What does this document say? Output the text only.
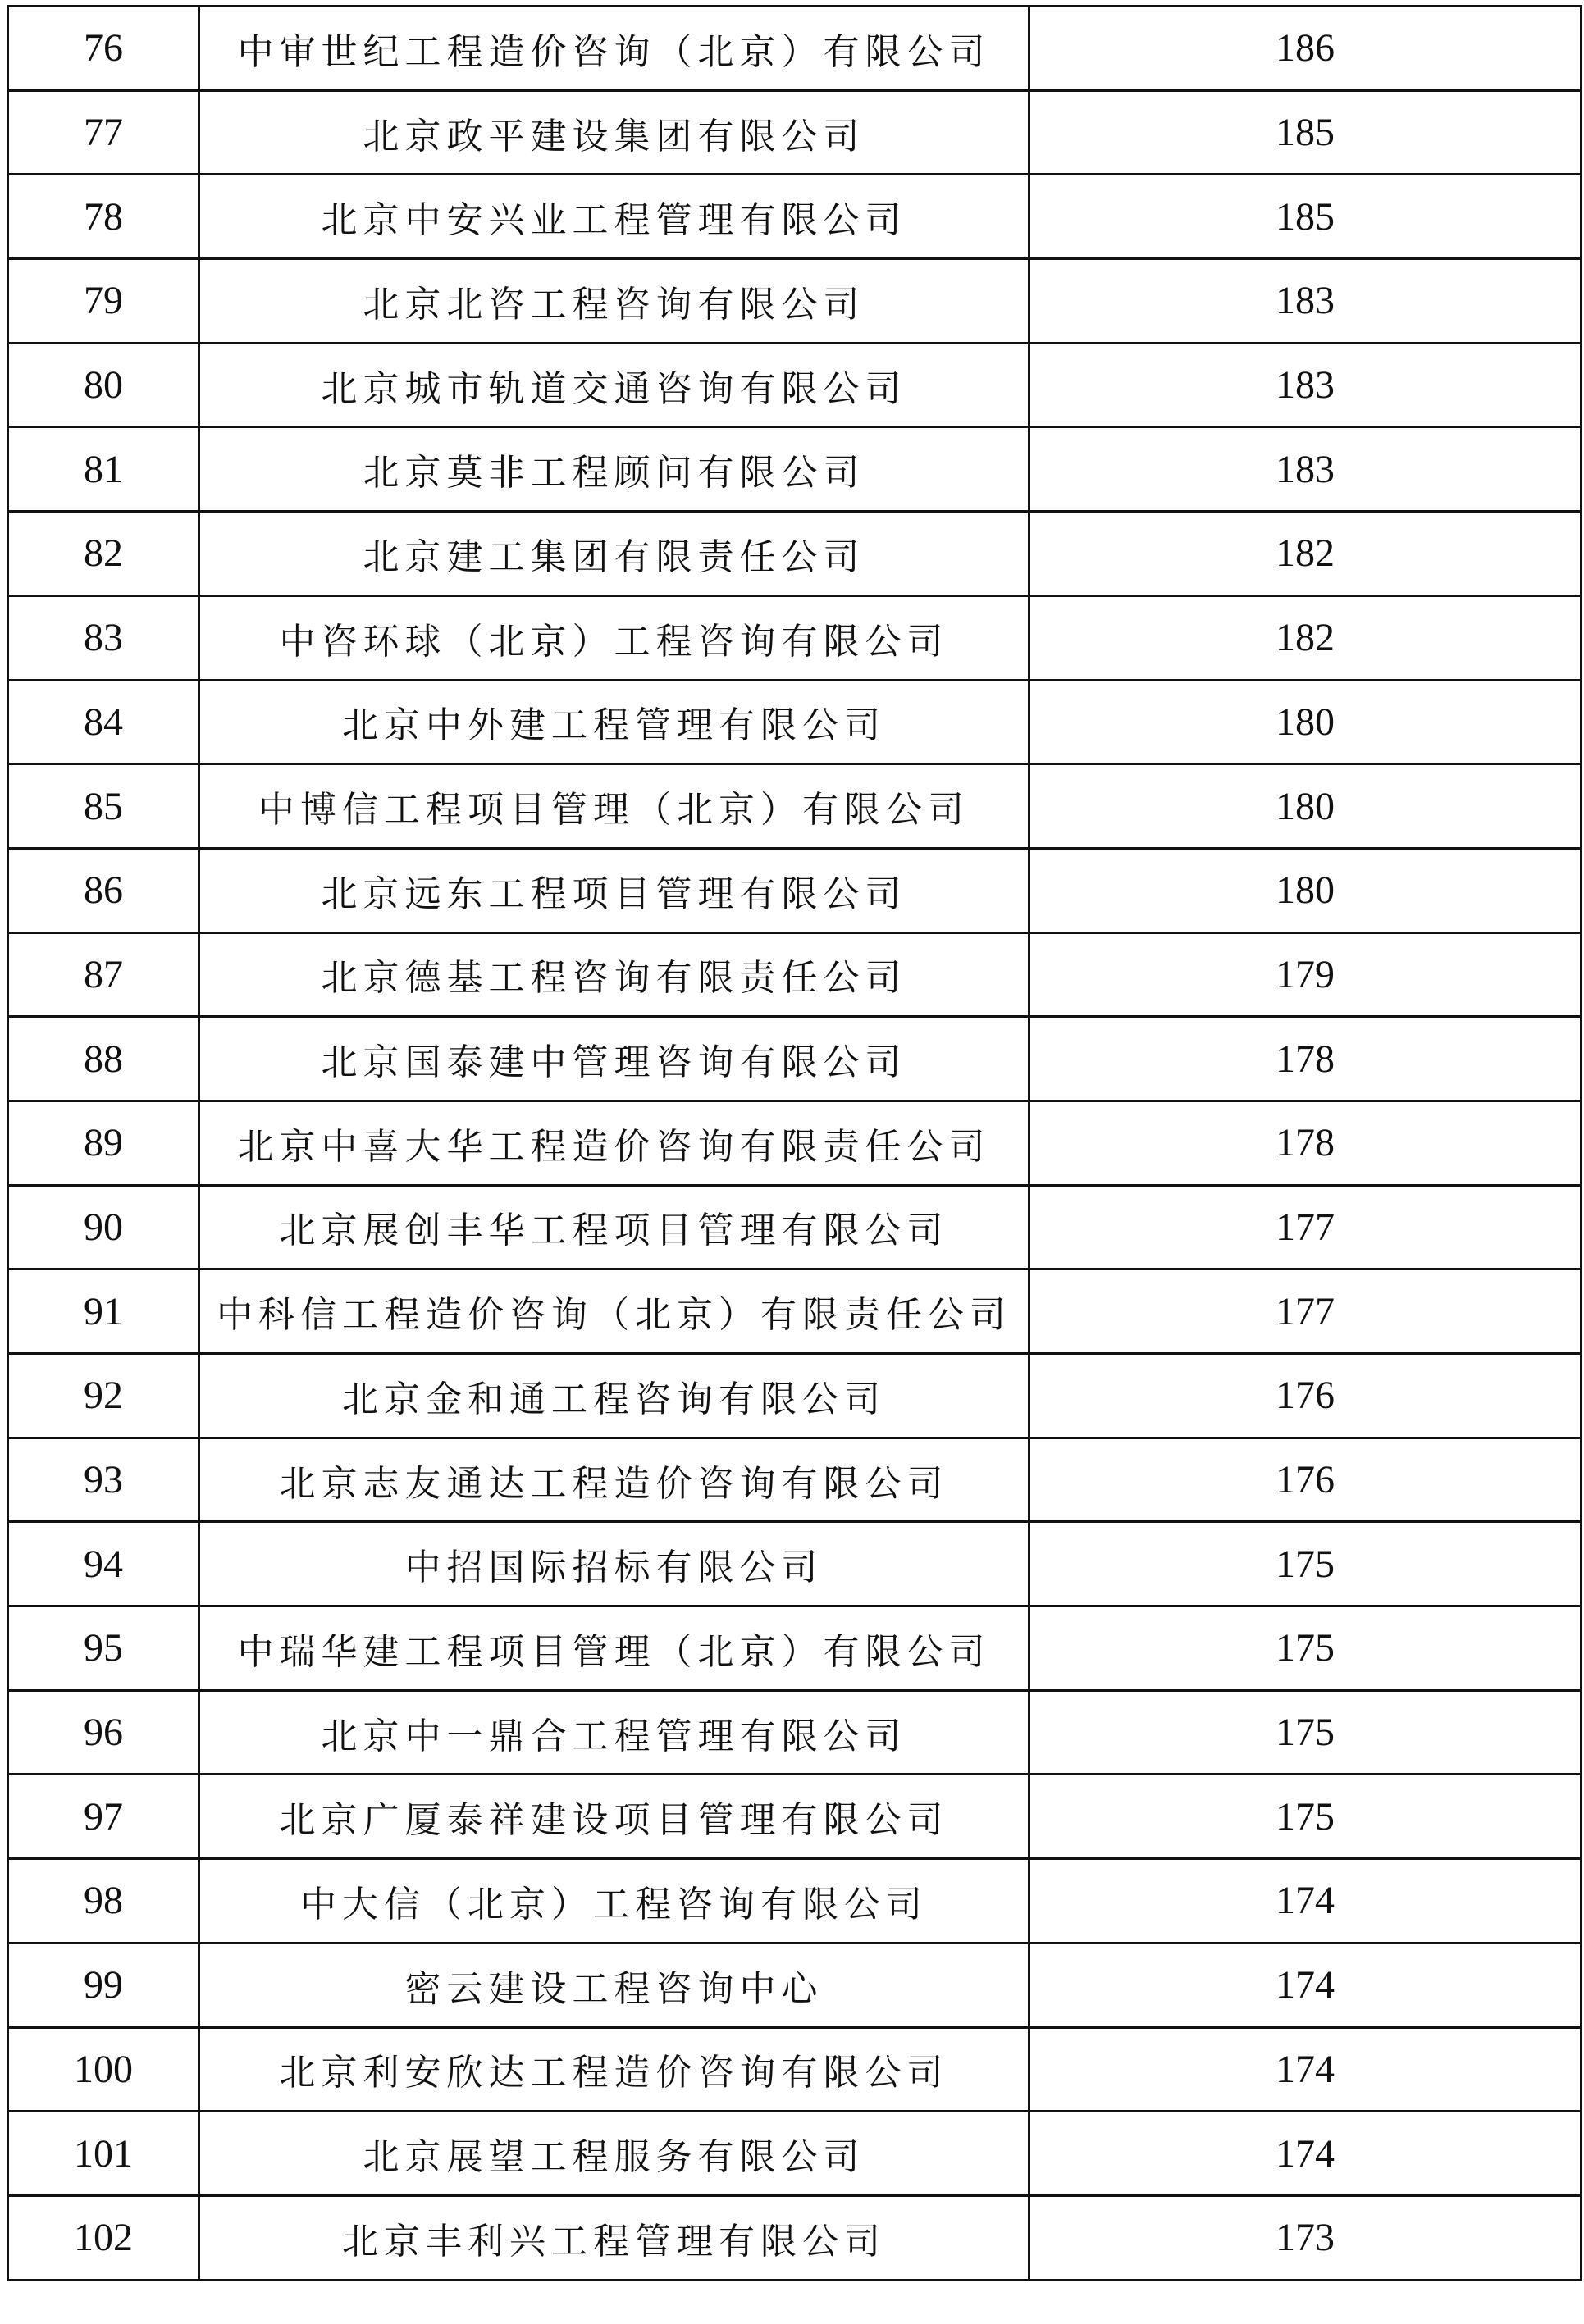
76	中审世纪工程造价咨询（北京）有限公司	186
77	北京政平建设集团有限公司	185
78	北京中安兴业工程管理有限公司	185
79	北京北咨工程咨询有限公司	183
80	北京城市轨道交通咨询有限公司	183
81	北京莫非工程顾问有限公司	183
82	北京建工集团有限责任公司	182
83	中咨环球（北京）工程咨询有限公司	182
84	北京中外建工程管理有限公司	180
85	中博信工程项目管理（北京）有限公司	180
86	北京远东工程项目管理有限公司	180
87	北京德基工程咨询有限责任公司	179
88	北京国泰建中管理咨询有限公司	178
89	北京中喜大华工程造价咨询有限责任公司	178
90	北京展创丰华工程项目管理有限公司	177
91	中科信工程造价咨询（北京）有限责任公司	177
92	北京金和通工程咨询有限公司	176
93	北京志友通达工程造价咨询有限公司	176
94	中招国际招标有限公司	175
95	中瑞华建工程项目管理（北京）有限公司	175
96	北京中一鼎合工程管理有限公司	175
97	北京广厦泰祥建设项目管理有限公司	175
98	中大信（北京）工程咨询有限公司	174
99	密云建设工程咨询中心	174
100	北京利安欣达工程造价咨询有限公司	174
101	北京展望工程服务有限公司	174
102	北京丰利兴工程管理有限公司	173
